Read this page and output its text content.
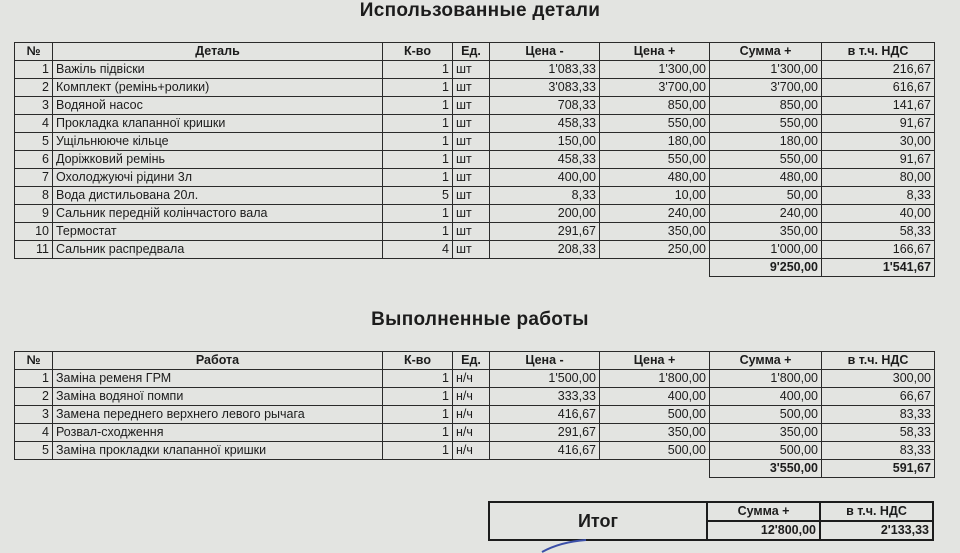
Использованные детали
№	Деталь	К-во	Ед.	Цена -	Цена +	Сумма +	в т.ч. НДС
1	Важіль підвіски	1	шт	1'083,33	1'300,00	1'300,00	216,67
2	Комплект (ремінь+ролики)	1	шт	3'083,33	3'700,00	3'700,00	616,67
3	Водяной насос	1	шт	708,33	850,00	850,00	141,67
4	Прокладка клапанної кришки	1	шт	458,33	550,00	550,00	91,67
5	Ущільнююче кільце	1	шт	150,00	180,00	180,00	30,00
6	Доріжковий ремінь	1	шт	458,33	550,00	550,00	91,67
7	Охолоджуючі рідини 3л	1	шт	400,00	480,00	480,00	80,00
8	Вода дистильована 20л.	5	шт	8,33	10,00	50,00	8,33
9	Сальник передній колінчастого вала	1	шт	200,00	240,00	240,00	40,00
10	Термостат	1	шт	291,67	350,00	350,00	58,33
11	Сальник распредвала	4	шт	208,33	250,00	1'000,00	166,67
						9'250,00	1'541,67
Выполненные работы
№	Работа	К-во	Ед.	Цена -	Цена +	Сумма +	в т.ч. НДС
1	Заміна ременя ГРМ	1	н/ч	1'500,00	1'800,00	1'800,00	300,00
2	Заміна водяної помпи	1	н/ч	333,33	400,00	400,00	66,67
3	Замена переднего верхнего левого рычага	1	н/ч	416,67	500,00	500,00	83,33
4	Розвал-сходження	1	н/ч	291,67	350,00	350,00	58,33
5	Заміна прокладки клапанної кришки	1	н/ч	416,67	500,00	500,00	83,33
						3'550,00	591,67
Итог	Сумма +	в т.ч. НДС
	12'800,00	2'133,33
